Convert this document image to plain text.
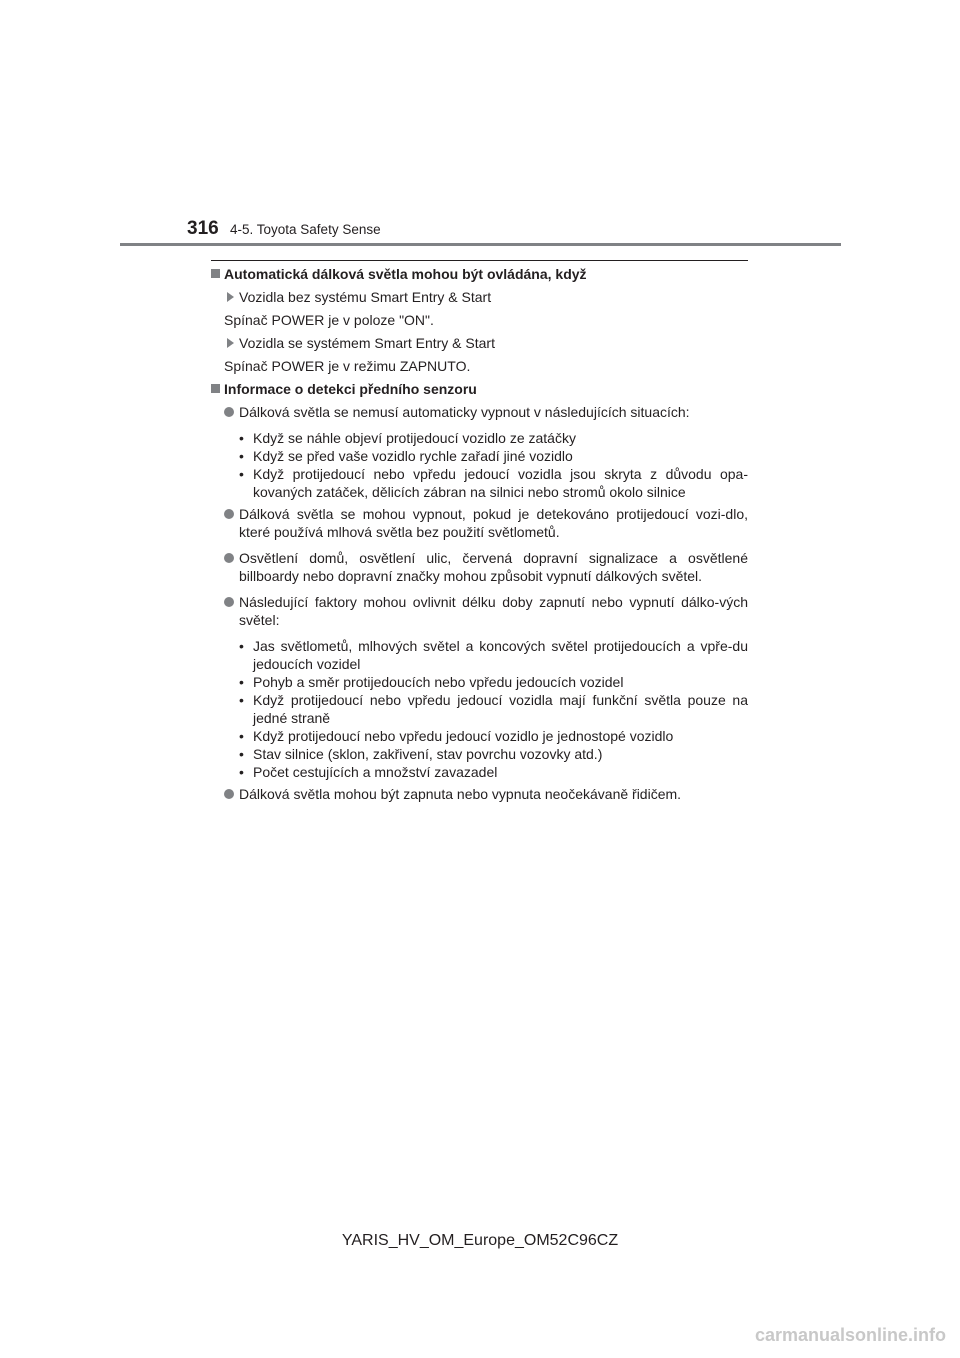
316 4-5. Toyota Safety Sense
Automatická dálková světla mohou být ovládána, když
Vozidla bez systému Smart Entry & Start
Spínač POWER je v poloze "ON".
Vozidla se systémem Smart Entry & Start
Spínač POWER je v režimu ZAPNUTO.
Informace o detekci předního senzoru
Dálková světla se nemusí automaticky vypnout v následujících situacích:
• Když se náhle objeví protijedoucí vozidlo ze zatáčky
• Když se před vaše vozidlo rychle zařadí jiné vozidlo
• Když protijedoucí nebo vpředu jedoucí vozidla jsou skryta z důvodu opa-kovaných zatáček, dělicích zábran na silnici nebo stromů okolo silnice
Dálková světla se mohou vypnout, pokud je detekováno protijedoucí vozi-dlo, které používá mlhová světla bez použití světlometů.
Osvětlení domů, osvětlení ulic, červená dopravní signalizace a osvětlené billboardy nebo dopravní značky mohou způsobit vypnutí dálkových světel.
Následující faktory mohou ovlivnit délku doby zapnutí nebo vypnutí dálko-vých světel:
• Jas světlometů, mlhových světel a koncových světel protijedoucích a vpře-du jedoucích vozidel
• Pohyb a směr protijedoucích nebo vpředu jedoucích vozidel
• Když protijedoucí nebo vpředu jedoucí vozidla mají funkční světla pouze na jedné straně
• Když protijedoucí nebo vpředu jedoucí vozidlo je jednostopé vozidlo
• Stav silnice (sklon, zakřivení, stav povrchu vozovky atd.)
• Počet cestujících a množství zavazadel
Dálková světla mohou být zapnuta nebo vypnuta neočekávaně řidičem.
YARIS_HV_OM_Europe_OM52C96CZ
carmanualsonline.info
